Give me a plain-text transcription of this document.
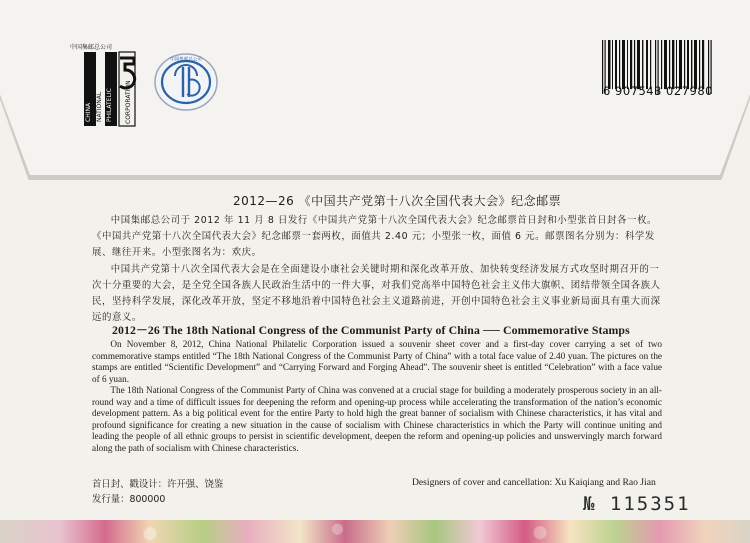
中国集邮总公司
CHINA NATIONAL PHILATELIC CORPORATION
中国集邮总公司
6 907543 027980
2012—26 《中国共产党第十八次全国代表大会》纪念邮票
中国集邮总公司于 2012 年 11 月 8 日发行《中国共产党第十八次全国代表大会》纪念邮票首日封和小型张首日封各一枚。《中国共产党第十八次全国代表大会》纪念邮票一套两枚，面值共 2.40 元；小型张一枚，面值 6 元。邮票图名分别为：科学发展、继往开来。小型张图名为：欢庆。
中国共产党第十八次全国代表大会是在全面建设小康社会关键时期和深化改革开放、加快转变经济发展方式攻坚时期召开的一次十分重要的大会，是全党全国各族人民政治生活中的一件大事，对我们党高举中国特色社会主义伟大旗帜、团结带领全国各族人民，坚持科学发展，深化改革开放，坚定不移地沿着中国特色社会主义道路前进，开创中国特色社会主义事业新局面具有重大而深远的意义。
2012－26 The 18th National Congress of the Communist Party of China ── Commemorative Stamps
On November 8, 2012, China National Philatelic Corporation issued a souvenir sheet cover and a first-day cover carrying a set of two commemorative stamps entitled “The 18th National Congress of the Communist Party of China” with a total face value of 2.40 yuan. The pictures on the stamps are entitled “Scientific Development” and “Carrying Forward and Forging Ahead”. The souvenir sheet is entitled “Celebration” with a face value of 6 yuan.
The 18th National Congress of the Communist Party of China was convened at a crucial stage for building a moderately prosperous society in an all-round way and a time of difficult issues for deepening the reform and opening-up process while accelerating the transformation of the nation’s economic development pattern. As a big political event for the entire Party to hold high the great banner of socialism with Chinese characteristics, it has vital and profound significance for creating a new situation in the cause of socialism with Chinese characteristics in which the Party will continue uniting and leading the people of all ethnic groups to persist in scientific development, deepen the reform and opening-up policies and unswervingly march forward along the path of socialism with Chinese characteristics.
首日封、戳设计：许开强、饶鉴
发行量：800000
Designers of cover and cancellation: Xu Kaiqiang and Rao Jian
№ 115351
